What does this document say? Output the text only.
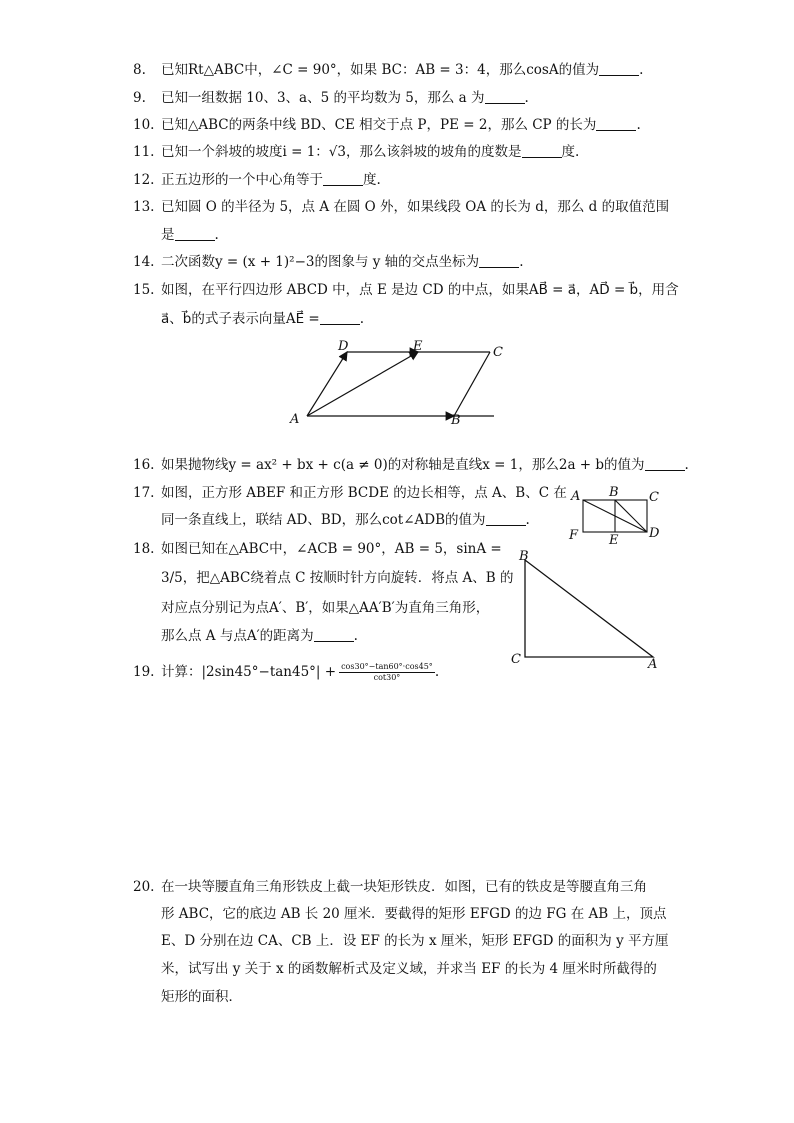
8. 已知Rt△ABC中，∠C = 90°，如果 BC：AB = 3：4，那么cosA的值为	.
9. 已知一组数据 10、3、a、5 的平均数为 5，那么 a 为	.
10. 已知△ABC的两条中线 BD、CE 相交于点 P，PE = 2，那么 CP 的长为	.
11. 已知一个斜坡的坡度i = 1：√3，那么该斜坡的坡角的度数是	度.
12. 正五边形的一个中心角等于	度.
13. 已知圆 O 的半径为 5，点 A 在圆 O 外，如果线段 OA 的长为 d，那么 d 的取值范围
是	.
14. 二次函数y = (x + 1)²−3的图象与 y 轴的交点坐标为	.
15. 如图，在平行四边形 ABCD 中，点 E 是边 CD 的中点，如果AB⃗ = a⃗，AD⃗ = b⃗，用含
a⃗、b⃗的式子表示向量AE⃗ =	.
A	B
C
D	E
16. 如果抛物线y = ax² + bx + c(a ≠ 0)的对称轴是直线x = 1，那么2a + b的值为	.
17. 如图，正方形 ABEF 和正方形 BCDE 的边长相等，点 A、B、C 在
同一条直线上，联结 AD、BD，那么cot∠ADB的值为	.
A B C
D
E
F
18. 如图已知在△ABC中，∠ACB = 90°，AB = 5，sinA =
3/5，把△ABC绕着点 C 按顺时针方向旋转．将点 A、B 的
对应点分别记为点A′、B′，如果△AA′B′为直角三角形，
那么点 A 与点A′的距离为	.
B
C	A
19. 计算：$|2\sin 45^\circ-\tan 45^\circ| + \frac{\cos 30^\circ-\tan 60^\circ\cdot\cos 45^\circ}{\cot 30^\circ}$ .
20. 在一块等腰直角三角形铁皮上截一块矩形铁皮．如图，已有的铁皮是等腰直角三角
形 ABC，它的底边 AB 长 20 厘米．要截得的矩形 EFGD 的边 FG 在 AB 上，顶点
E、D 分别在边 CA、CB 上．设 EF 的长为 x 厘米，矩形 EFGD 的面积为 y 平方厘
米，试写出 y 关于 x 的函数解析式及定义域，并求当 EF 的长为 4 厘米时所截得的
矩形的面积．
